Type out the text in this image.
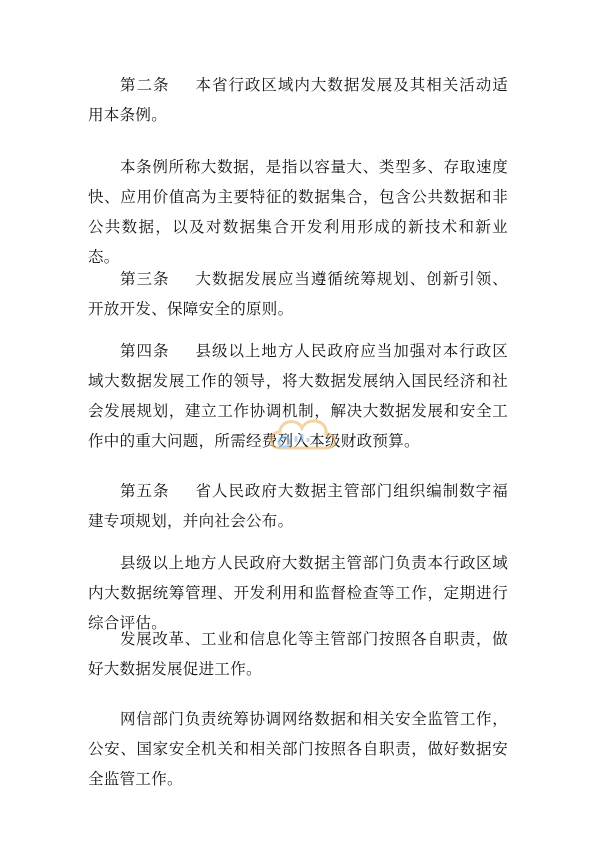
第二条 本省行政区域内大数据发展及其相关活动适用本条例。

本条例所称大数据，是指以容量大、类型多、存取速度快、应用价值高为主要特征的数据集合，包含公共数据和非公共数据，以及对数据集合开发利用形成的新技术和新业态。

第三条 大数据发展应当遵循统筹规划、创新引领、开放开发、保障安全的原则。

第四条 县级以上地方人民政府应当加强对本行政区域大数据发展工作的领导，将大数据发展纳入国民经济和社会发展规划，建立工作协调机制，解决大数据发展和安全工作中的重大问题，所需经费列入本级财政预算。

第五条 省人民政府大数据主管部门组织编制数字福建专项规划，并向社会公布。

县级以上地方人民政府大数据主管部门负责本行政区域内大数据统筹管理、开发利用和监督检查等工作，定期进行综合评估。

发展改革、工业和信息化等主管部门按照各自职责，做好大数据发展促进工作。

网信部门负责统筹协调网络数据和相关安全监管工作，公安、国家安全机关和相关部门按照各自职责，做好数据安全监管工作。
